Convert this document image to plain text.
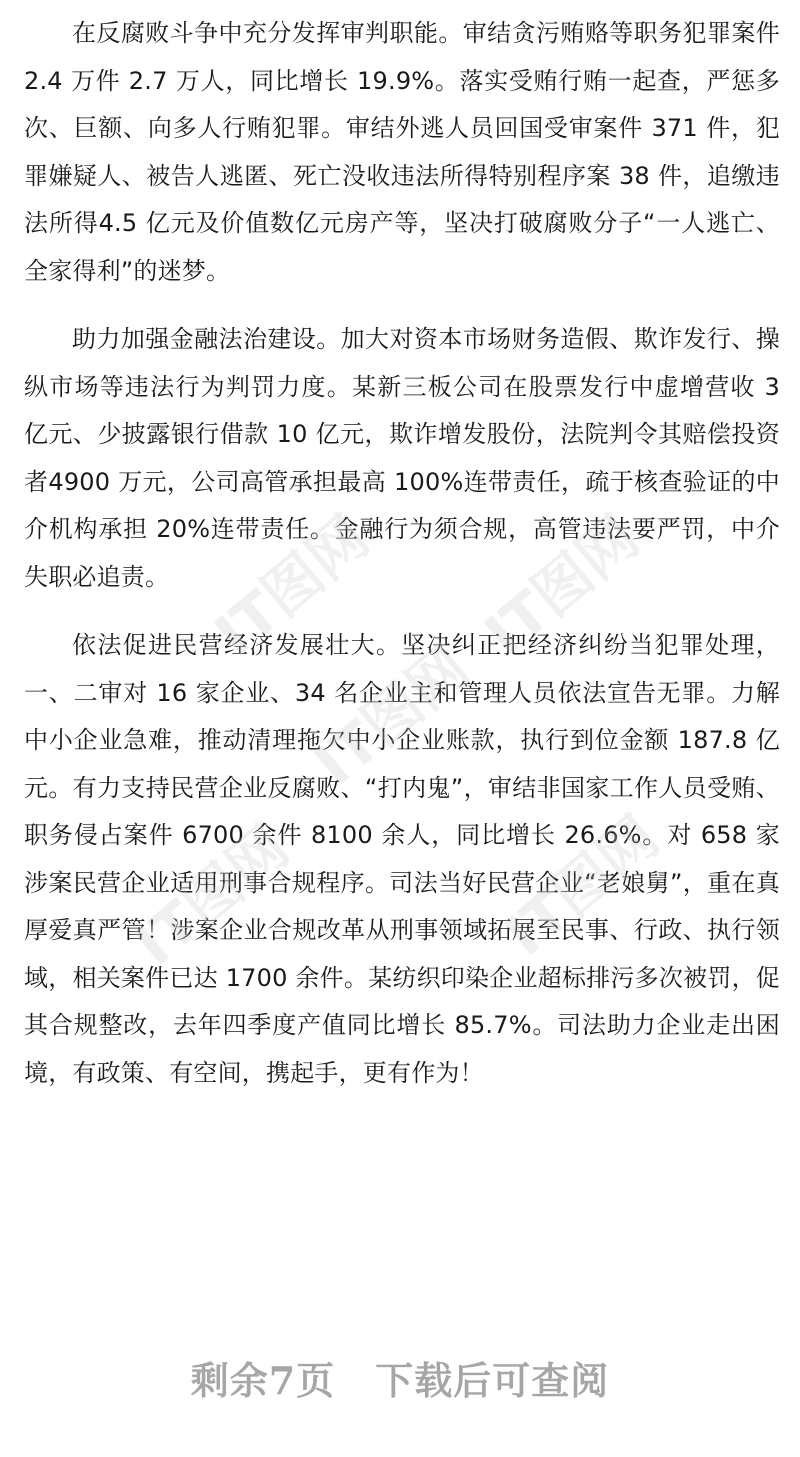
在反腐败斗争中充分发挥审判职能。审结贪污贿赂等职务犯罪案件2.4 万件 2.7 万人，同比增长 19.9%。落实受贿行贿一起查，严惩多次、巨额、向多人行贿犯罪。审结外逃人员回国受审案件 371 件，犯罪嫌疑人、被告人逃匿、死亡没收违法所得特别程序案 38 件，追缴违法所得4.5 亿元及价值数亿元房产等，坚决打破腐败分子“一人逃亡、全家得利”的迷梦。

助力加强金融法治建设。加大对资本市场财务造假、欺诈发行、操纵市场等违法行为判罚力度。某新三板公司在股票发行中虚增营收 3 亿元、少披露银行借款 10 亿元，欺诈增发股份，法院判令其赔偿投资者4900 万元，公司高管承担最高 100%连带责任，疏于核查验证的中介机构承担 20%连带责任。金融行为须合规，高管违法要严罚，中介失职必追责。

依法促进民营经济发展壮大。坚决纠正把经济纠纷当犯罪处理，一、二审对 16 家企业、34 名企业主和管理人员依法宣告无罪。力解中小企业急难，推动清理拖欠中小企业账款，执行到位金额 187.8 亿元。有力支持民营企业反腐败、“打内鬼”，审结非国家工作人员受贿、职务侵占案件 6700 余件 8100 余人，同比增长 26.6%。对 658 家涉案民营企业适用刑事合规程序。司法当好民营企业“老娘舅”，重在真厚爱真严管！涉案企业合规改革从刑事领域拓展至民事、行政、执行领域，相关案件已达 1700 余件。某纺织印染企业超标排污多次被罚，促其合规整改，去年四季度产值同比增长 85.7%。司法助力企业走出困境，有政策、有空间，携起手，更有作为！

IT图网 IT图网
IT图网
IT图网	IT图网
剩余7页 下载后可查阅
